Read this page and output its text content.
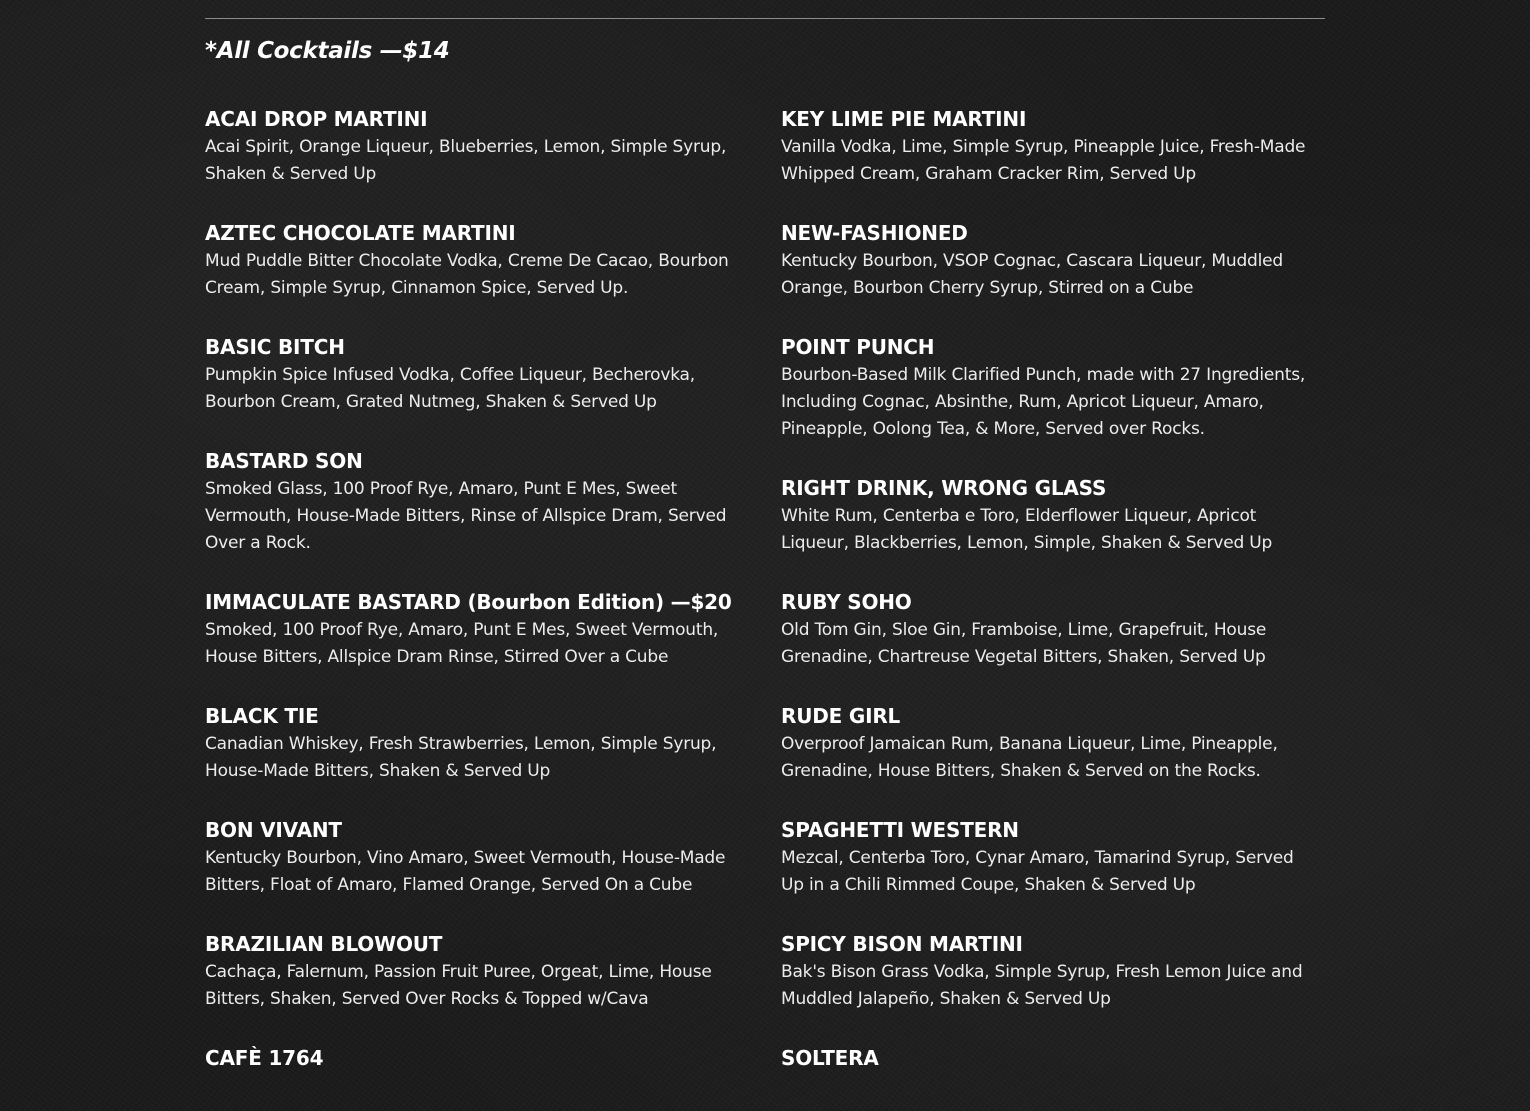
*All Cocktails —$14
ACAI DROP MARTINI
Acai Spirit, Orange Liqueur, Blueberries, Lemon, Simple Syrup, Shaken & Served Up
AZTEC CHOCOLATE MARTINI
Mud Puddle Bitter Chocolate Vodka, Creme De Cacao, Bourbon Cream, Simple Syrup, Cinnamon Spice, Served Up.
BASIC BITCH
Pumpkin Spice Infused Vodka, Coffee Liqueur, Becherovka, Bourbon Cream, Grated Nutmeg, Shaken & Served Up
BASTARD SON
Smoked Glass, 100 Proof Rye, Amaro, Punt E Mes, Sweet Vermouth, House-Made Bitters, Rinse of Allspice Dram, Served Over a Rock.
IMMACULATE BASTARD (Bourbon Edition) —$20
Smoked, 100 Proof Rye, Amaro, Punt E Mes, Sweet Vermouth, House Bitters, Allspice Dram Rinse, Stirred Over a Cube
BLACK TIE
Canadian Whiskey, Fresh Strawberries, Lemon, Simple Syrup, House-Made Bitters, Shaken & Served Up
BON VIVANT
Kentucky Bourbon, Vino Amaro, Sweet Vermouth, House-Made Bitters, Float of Amaro, Flamed Orange, Served On a Cube
BRAZILIAN BLOWOUT
Cachaça, Falernum, Passion Fruit Puree, Orgeat, Lime, House Bitters, Shaken, Served Over Rocks & Topped w/Cava
CAFÈ 1764
KEY LIME PIE MARTINI
Vanilla Vodka, Lime, Simple Syrup, Pineapple Juice, Fresh-Made Whipped Cream, Graham Cracker Rim, Served Up
NEW-FASHIONED
Kentucky Bourbon, VSOP Cognac, Cascara Liqueur, Muddled Orange, Bourbon Cherry Syrup, Stirred on a Cube
POINT PUNCH
Bourbon-Based Milk Clarified Punch, made with 27 Ingredients, Including Cognac, Absinthe, Rum, Apricot Liqueur, Amaro, Pineapple, Oolong Tea, & More, Served over Rocks.
RIGHT DRINK, WRONG GLASS
White Rum, Centerba e Toro, Elderflower Liqueur, Apricot Liqueur, Blackberries, Lemon, Simple, Shaken & Served Up
RUBY SOHO
Old Tom Gin, Sloe Gin, Framboise, Lime, Grapefruit, House Grenadine, Chartreuse Vegetal Bitters, Shaken, Served Up
RUDE GIRL
Overproof Jamaican Rum, Banana Liqueur, Lime, Pineapple, Grenadine, House Bitters, Shaken & Served on the Rocks.
SPAGHETTI WESTERN
Mezcal, Centerba Toro, Cynar Amaro, Tamarind Syrup, Served Up in a Chili Rimmed Coupe, Shaken & Served Up
SPICY BISON MARTINI
Bak's Bison Grass Vodka, Simple Syrup, Fresh Lemon Juice and Muddled Jalapeño, Shaken & Served Up
SOLTERA
